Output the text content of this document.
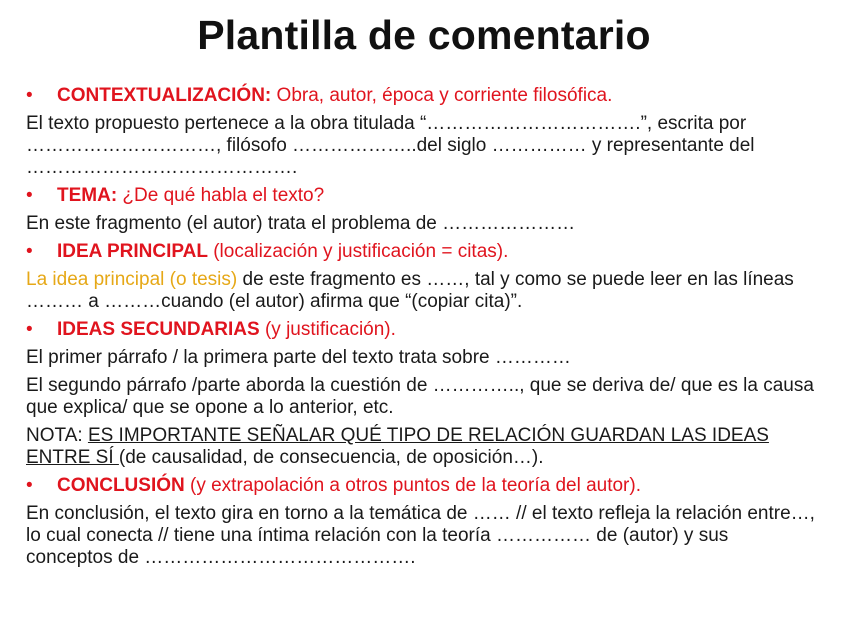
Plantilla de comentario
• CONTEXTUALIZACIÓN: Obra, autor, época y corriente filosófica.
El texto propuesto pertenece a la obra titulada “…………………………….”, escrita por …………………………, filósofo ………………..del siglo …………… y representante del …………………………………….
• TEMA: ¿De qué habla el texto?
En este fragmento (el autor) trata el problema de …………………
• IDEA PRINCIPAL (localización y justificación = citas).
La idea principal (o tesis) de este fragmento es ……, tal y como se puede leer en las líneas ……… a ………cuando (el autor) afirma que “(copiar cita)”.
• IDEAS SECUNDARIAS (y justificación).
El primer párrafo / la primera parte del texto trata sobre …………
El segundo párrafo /parte aborda la cuestión de ………….., que se deriva de/ que es la causa que explica/ que se opone a lo anterior, etc.
NOTA: ES IMPORTANTE SEÑALAR QUÉ TIPO DE RELACIÓN GUARDAN LAS IDEAS ENTRE SÍ (de causalidad, de consecuencia, de oposición…).
• CONCLUSIÓN (y extrapolación a otros puntos de la teoría del autor).
En conclusión, el texto gira en torno a la temática de …… // el texto refleja la relación entre…, lo cual conecta // tiene una íntima relación con la teoría …………… de (autor) y sus conceptos de …………………………………….
